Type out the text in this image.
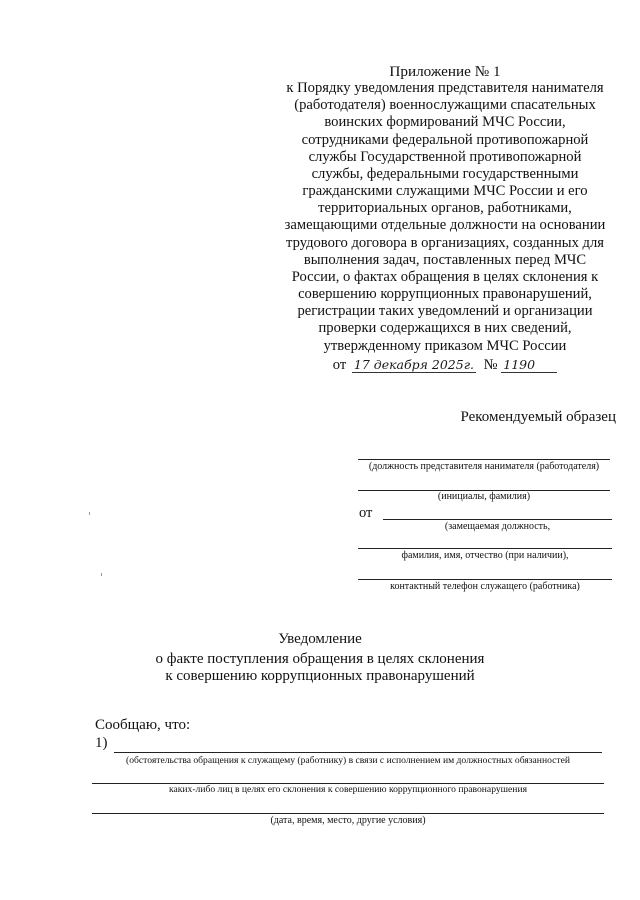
Приложение № 1
к Порядку уведомления представителя нанимателя
(работодателя) военнослужащими спасательных
воинских формирований МЧС России,
сотрудниками федеральной противопожарной
службы Государственной противопожарной
службы, федеральными государственными
гражданскими служащими МЧС России и его
территориальных органов, работниками,
замещающими отдельные должности на основании
трудового договора в организациях, созданных для
выполнения задач, поставленных перед МЧС
России, о фактах обращения в целях склонения к
совершению коррупционных правонарушений,
регистрации таких уведомлений и организации
проверки содержащихся в них сведений,
утвержденному приказом МЧС России
от 17 декабря 2025г. № 1190
Рекомендуемый образец
(должность представителя нанимателя (работодателя)
(инициалы, фамилия)
от
(замещаемая должность,
фамилия, имя, отчество (при наличии),
контактный телефон служащего (работника)
Уведомление
о факте поступления обращения в целях склонения
к совершению коррупционных правонарушений
Сообщаю, что:
1)
(обстоятельства обращения к служащему (работнику) в связи с исполнением им должностных обязанностей
каких-либо лиц в целях его склонения к совершению коррупционного правонарушения
(дата, время, место, другие условия)
